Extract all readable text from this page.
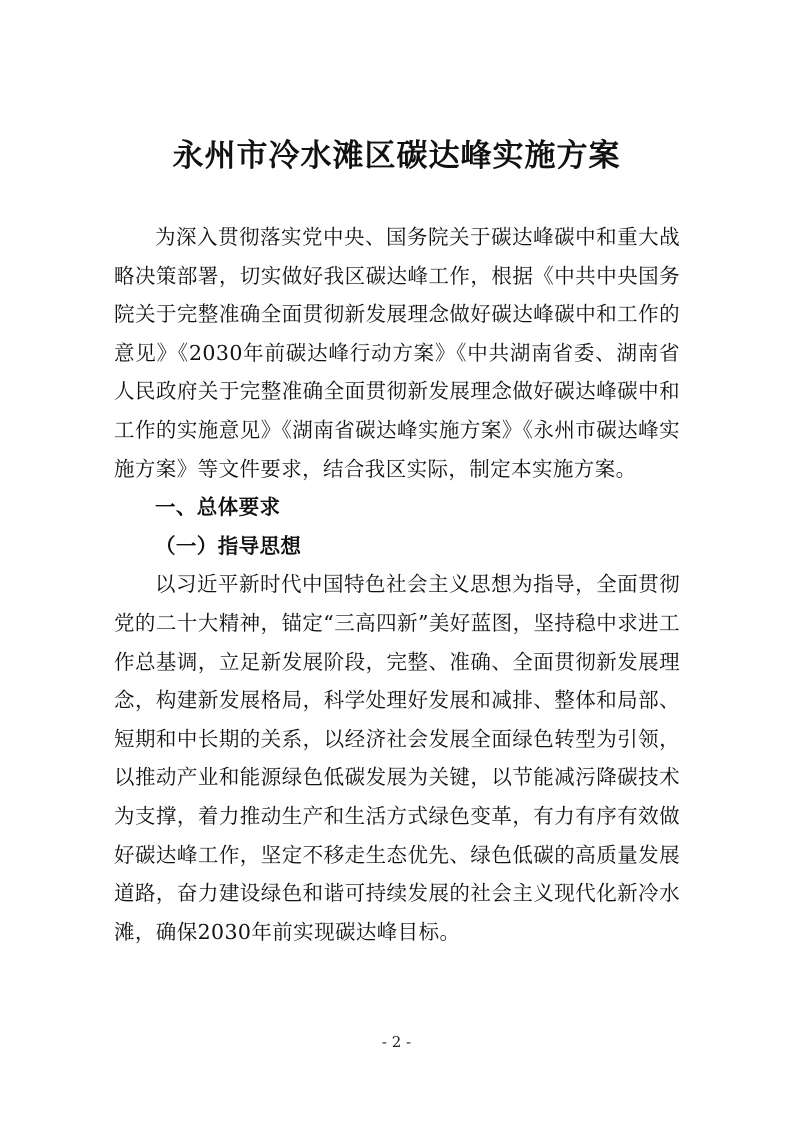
永州市冷水滩区碳达峰实施方案

为深入贯彻落实党中央、国务院关于碳达峰碳中和重大战略决策部署，切实做好我区碳达峰工作，根据《中共中央国务院关于完整准确全面贯彻新发展理念做好碳达峰碳中和工作的意见》《2030年前碳达峰行动方案》《中共湖南省委、湖南省人民政府关于完整准确全面贯彻新发展理念做好碳达峰碳中和工作的实施意见》《湖南省碳达峰实施方案》《永州市碳达峰实施方案》等文件要求，结合我区实际，制定本实施方案。

一、总体要求

（一）指导思想

以习近平新时代中国特色社会主义思想为指导，全面贯彻党的二十大精神，锚定“三高四新”美好蓝图，坚持稳中求进工作总基调，立足新发展阶段，完整、准确、全面贯彻新发展理念，构建新发展格局，科学处理好发展和减排、整体和局部、短期和中长期的关系，以经济社会发展全面绿色转型为引领，以推动产业和能源绿色低碳发展为关键，以节能减污降碳技术为支撑，着力推动生产和生活方式绿色变革，有力有序有效做好碳达峰工作，坚定不移走生态优先、绿色低碳的高质量发展道路，奋力建设绿色和谐可持续发展的社会主义现代化新冷水滩，确保2030年前实现碳达峰目标。

- 2 -
